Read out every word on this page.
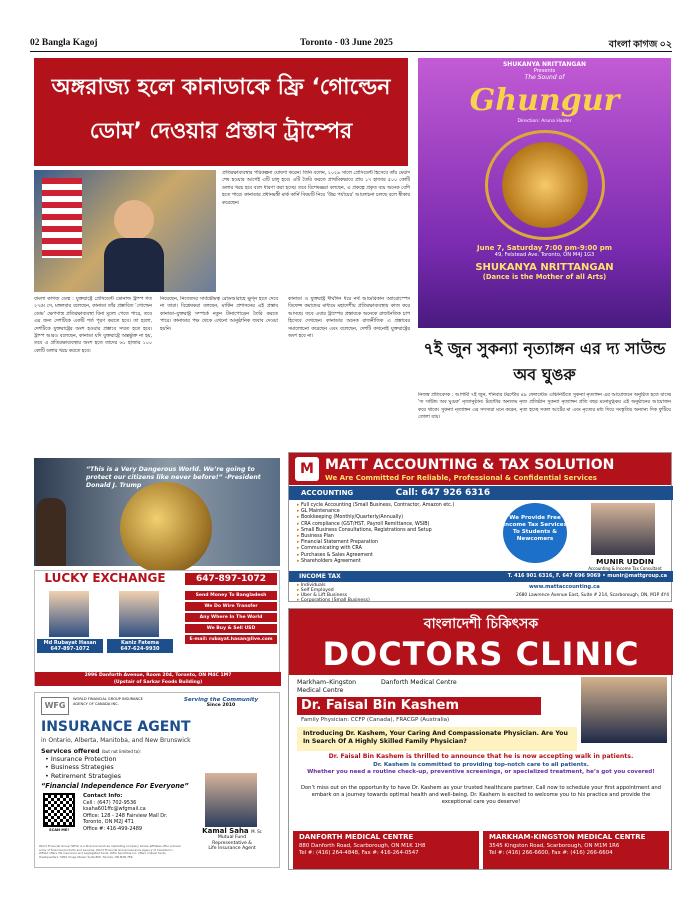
02 Bangla Kagoj	Toronto - 03 June 2025	বাংলা কাগজ ০২
অঙ্গরাজ্য হলে কানাডাকে ফ্রি ‘গোল্ডেন ডোম’ দেওয়ার প্রস্তাব ট্রাম্পের
প্রতিরক্ষাব্যবস্থার পরিকল্পনা ঘোষণা করেন। তিনি বলেন, ২০২৯ সালে প্রেসিডেন্ট হিসেবে তাঁর মেয়াদ শেষ হওয়ার আগেই এটি চালু হবে। এটি তৈরি করতে প্রাথমিকভাবে প্রায় ১৭ হাজার ৫০০ কোটি ডলার খরচ হবে বলে ধারণা করা হচ্ছে। তবে বিশেষজ্ঞরা বলছেন, এ প্রকল্পে প্রকৃত ব্যয় অনেক বেশি হতে পারে। কানাডার প্রধানমন্ত্রী মার্ক কার্নি বিষয়টি নিয়ে ‘উচ্চ পর্যায়ের’ আলোচনা চলছে বলে স্বীকার করেছেন।
বাংলা কাগজ ডেস্ক : যুক্তরাষ্ট্রে প্রেসিডেন্ট ডোনাল্ড ট্রাম্প গত ২৭মে সে, মঙ্গলবার বলেছেন, কানাডা তাঁর প্রস্তাবিত ‘গোল্ডেন ডোম’ ক্ষেপণাস্ত্র প্রতিরক্ষাব্যবস্থা বিনা মূল্যে পেতে পারে, তবে এর জন্য দেশটিকে একটি শর্ত পূরণ করতে হবে। তা হলো, দেশটিকে যুক্তরাষ্ট্রের অংশ হওয়ার প্রস্তাবে সম্মত হতে হবে। ট্রাম্প আরও বলেছেন, কানাডা যদি যুক্তরাষ্ট্রে অন্তর্ভুক্ত না হয়, তবে এ প্রতিরক্ষাব্যবস্থার অংশ হতে তাদের ৬১ হাজার ১০০ কোটি ডলার খরচ করতে হবে।
নিয়েছেন, নিজেদের সার্বভৌমত্ব রোডআরাহে ক্ষুণ্ন হতে দেবে না তারা। বিশ্লেষকরা বলছেন, মার্কিন প্রশাসনের এই প্রস্তাব কানাডা–যুক্তরাষ্ট্র সম্পর্কে নতুন টানাপোড়েন তৈরি করতে পারে। কানাডার পক্ষ থেকে এখনো আনুষ্ঠানিক জবাব দেওয়া হয়নি।
কানাডা ও যুক্তরাষ্ট্র দীর্ঘদিন ধরে নর্থ আমেরিকান অ্যারোস্পেস ডিফেন্স কমান্ডের মাধ্যমে মহাদেশীয় প্রতিরক্ষাব্যবস্থায় কাজ করে আসছে। তবে এবার ট্রাম্পের প্রস্তাবকে অনেকে রাজনৈতিক চাপ হিসেবে দেখছেন। কানাডার অনেক রাজনীতিক এ প্রস্তাবের সমালোচনা করেছেন এবং বলেছেন, দেশটি কখনোই যুক্তরাষ্ট্রের অংশ হবে না।
“This is a Very Dangerous World. We’re going to protect our citizens like never before!” -President Donald J. Trump
SHUKANYA NRITTANGAN
Presents
The Sound of
Ghungur
Direction: Aruna Haider
June 7, Saturday 7:00 pm-9:00 pm
49, Felstead Ave. Toronto, ON M4J 1G3
SHUKANYA NRITTANGAN
(Dance is the Mother of all Arts)
৭ই জুন সুকন্যা নৃত্যাঙ্গন এর দ্য সাউন্ড অব ঘুঙরু
নিজস্ব প্রতিবেদক : আগামী ৭ই জুন, শনিবার টরন্টোর ৪৯ ফেলস্টেড এভিনিউতে সুকন্যা নৃত্যাঙ্গন এর আয়োজনে অনুষ্ঠিত হতে যাচ্ছে ‘দ্য সাউন্ড অব ঘুঙরু’ নৃত্যানুষ্ঠান। টরন্টোর অন্যতম নৃত্য প্রতিষ্ঠান সুকন্যা নৃত্যাঙ্গন প্রতি বছর মনোমুগ্ধকর এই অনুষ্ঠানের আয়োজন করে থাকে। সুকন্যা নৃত্যাঙ্গন এর সদস্যরা মনে করেন, নৃত্য হচ্ছে সকল আর্টের মা এবং নৃত্যের মধ্য দিয়ে সংস্কৃতির অন্যান্য দিক ফুটিয়ে তোলা যায়।
M MATT ACCOUNTING & TAX SOLUTION
We Are Committed For Reliable, Professional & Confidential Services
ACCOUNTING	Call: 647 926 6316
▸ Full cycle Accounting (Small Business, Contractor, Amazon etc.)
▸ GL Maintenance
▸ Bookkeeping (Monthly/Quarterly/Annually)
▸ CRA compliance (GST/HST, Payroll Remittance, WSIB)
▸ Small Business Consultations, Registrations and Setup
▸ Business Plan
▸ Financial Statement Preparation
▸ Communicating with CRA
▸ Purchases & Sales Agreement
▸ Shareholders Agreement
We Provide Free Income Tax Services To Students & Newcomers
MUNIR UDDIN
Accounting & Income Tax Consultant
INCOME TAX	T. 416 901 6316, F. 647 696 9069 • munir@mattgroup.ca
▸ Individuals
▸ Self Employed
▸ Uber & Lift Business
▸ Corporations (Small Business)
www.mattaccounting.ca
2680 Lawrence Avenue East, Suite # 214, Scarborough, ON, M1P 4Y4
LUCKY EXCHANGE	647-897-1072
Send Money To Bangladesh
We Do Wire Transfer
Any Where In The World
We Buy & Sell USD
E-mail: rubayat.hasan@live.com
Md Rubayat Hasan
647-897-1072
Kaniz Fatema
647-624-9930
2996 Danforth Avenue, Room 204, Toronto, ON M4C 1M7
(Upstair of Sarkar Foods Building)
WFG
WORLD FINANCIAL GROUP INSURANCE AGENCY OF CANADA INC.
Serving the Community
Since 2010
INSURANCE AGENT
in Ontario, Alberta, Manitoba, and New Brunswick
Services offered (but not limited to):
• Insurance Protection
• Business Strategies
• Retirement Strategies
“Financial Independence For Everyone”
SCAN ME!
Contact Info:
Cell : (647) 702-9536
ksaha601ffc@wfgmail.ca
Office: 128 - 248 Fairview Mall Dr. Toronto, ON M2J 4T1
Office #: 416-499-2489	Kamal Saha M. Sc
Mutual Fund
Representative &
Life Insurance Agent
World Financial Group (WFG) is a financial services marketing company whose affiliates offer a broad array of financial products and services. World Financial Group Insurance Agency of Canada Inc. WFGIA offers life insurance and segregated funds. WFG Securities Inc. offers mutual funds. Headquarters: 5000 Yonge Street, Suite 800, Toronto, ON M2N 7E9.
বাংলাদেশী চিকিৎসক
DOCTORS CLINIC
Markham–Kingston Medical Centre
Danforth Medical Centre
Dr. Faisal Bin Kashem
Family Physician: CCFP (Canada), FRACGP (Australia)
Introducing Dr. Kashem, Your Caring And Compassionate Physician. Are You In Search Of A Highly Skilled Family Physician?
Dr. Faisal Bin Kashem is thrilled to announce that he is now accepting walk in patients.
Dr. Kashem is committed to providing top-notch care to all patients.
Whether you need a routine check-up, preventive screenings, or specialized treatment, he’s got you covered!
Don’t miss out on the opportunity to have Dr. Kashem as your trusted healthcare partner. Call now to schedule your first appointment and embark on a journey towards optimal health and well-being. Dr. Kashem is excited to welcome you to his practice and provide the exceptional care you deserve!
DANFORTH MEDICAL CENTRE
880 Danforth Road, Scarborough, ON M1K 1H8
Tel #: (416) 264-4848, Fax #: 416-264-0547
MARKHAM-KINGSTON MEDICAL CENTRE
3545 Kingston Road, Scarborough, ON M1M 1R6
Tel #: (416) 266-6600, Fax #: (416) 266-6604
